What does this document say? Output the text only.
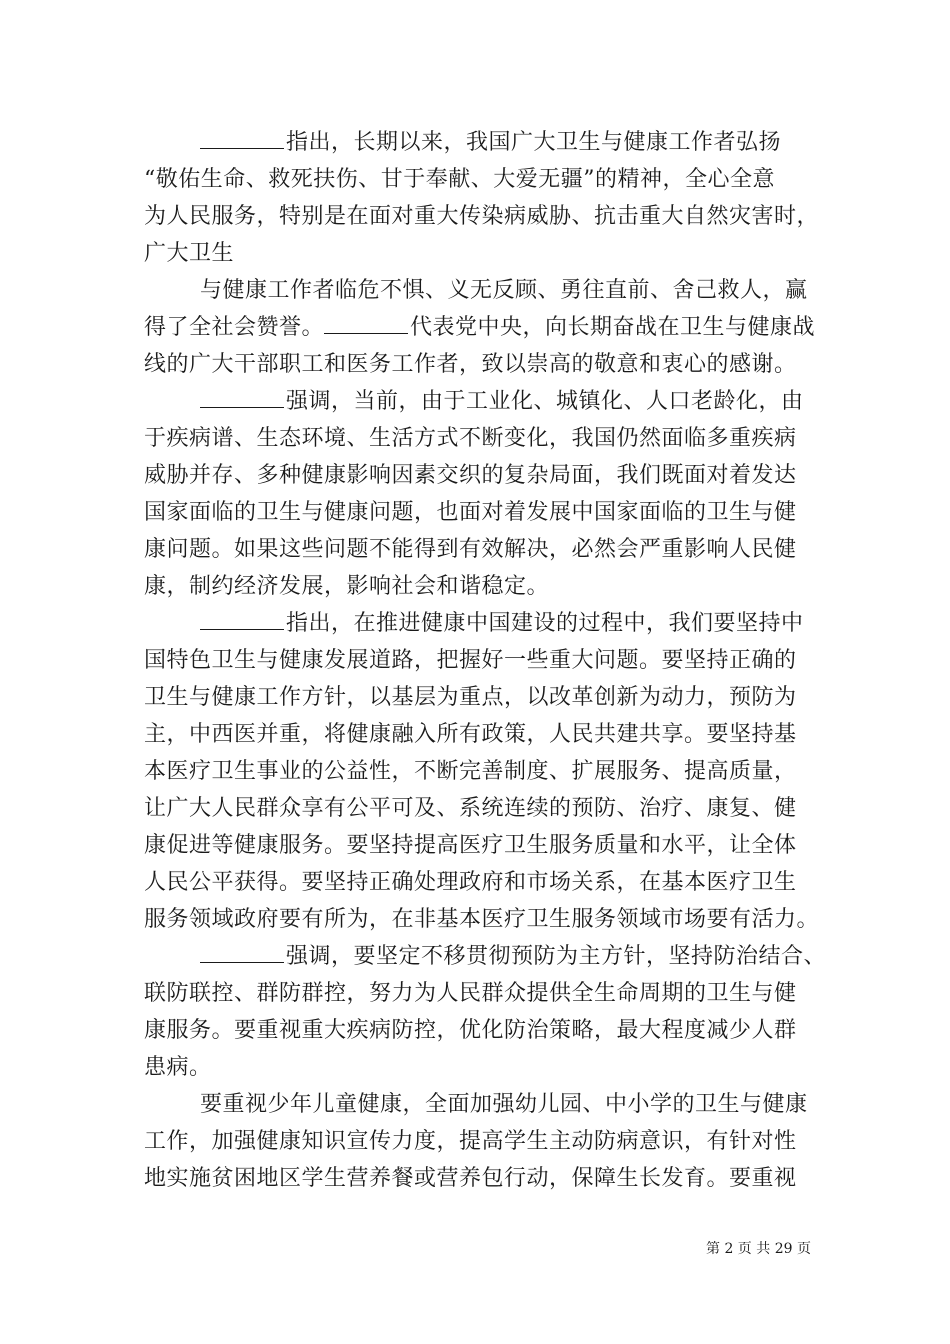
指出，长期以来，我国广大卫生与健康工作者弘扬
“敬佑生命、救死扶伤、甘于奉献、大爱无疆”的精神，全心全意
为人民服务，特别是在面对重大传染病威胁、抗击重大自然灾害时，
广大卫生
与健康工作者临危不惧、义无反顾、勇往直前、舍己救人，赢
得了全社会赞誉。	代表党中央，向长期奋战在卫生与健康战
线的广大干部职工和医务工作者，致以崇高的敬意和衷心的感谢。
强调，当前，由于工业化、城镇化、人口老龄化，由
于疾病谱、生态环境、生活方式不断变化，我国仍然面临多重疾病
威胁并存、多种健康影响因素交织的复杂局面，我们既面对着发达
国家面临的卫生与健康问题，也面对着发展中国家面临的卫生与健
康问题。如果这些问题不能得到有效解决，必然会严重影响人民健
康，制约经济发展，影响社会和谐稳定。
指出，在推进健康中国建设的过程中，我们要坚持中
国特色卫生与健康发展道路，把握好一些重大问题。要坚持正确的
卫生与健康工作方针，以基层为重点，以改革创新为动力，预防为
主，中西医并重，将健康融入所有政策，人民共建共享。要坚持基
本医疗卫生事业的公益性，不断完善制度、扩展服务、提高质量，
让广大人民群众享有公平可及、系统连续的预防、治疗、康复、健
康促进等健康服务。要坚持提高医疗卫生服务质量和水平，让全体
人民公平获得。要坚持正确处理政府和市场关系，在基本医疗卫生
服务领域政府要有所为，在非基本医疗卫生服务领域市场要有活力。
强调，要坚定不移贯彻预防为主方针，坚持防治结合、
联防联控、群防群控，努力为人民群众提供全生命周期的卫生与健
康服务。要重视重大疾病防控，优化防治策略，最大程度减少人群
患病。
要重视少年儿童健康，全面加强幼儿园、中小学的卫生与健康
工作，加强健康知识宣传力度，提高学生主动防病意识，有针对性
地实施贫困地区学生营养餐或营养包行动，保障生长发育。要重视
第 2 页 共 29 页
